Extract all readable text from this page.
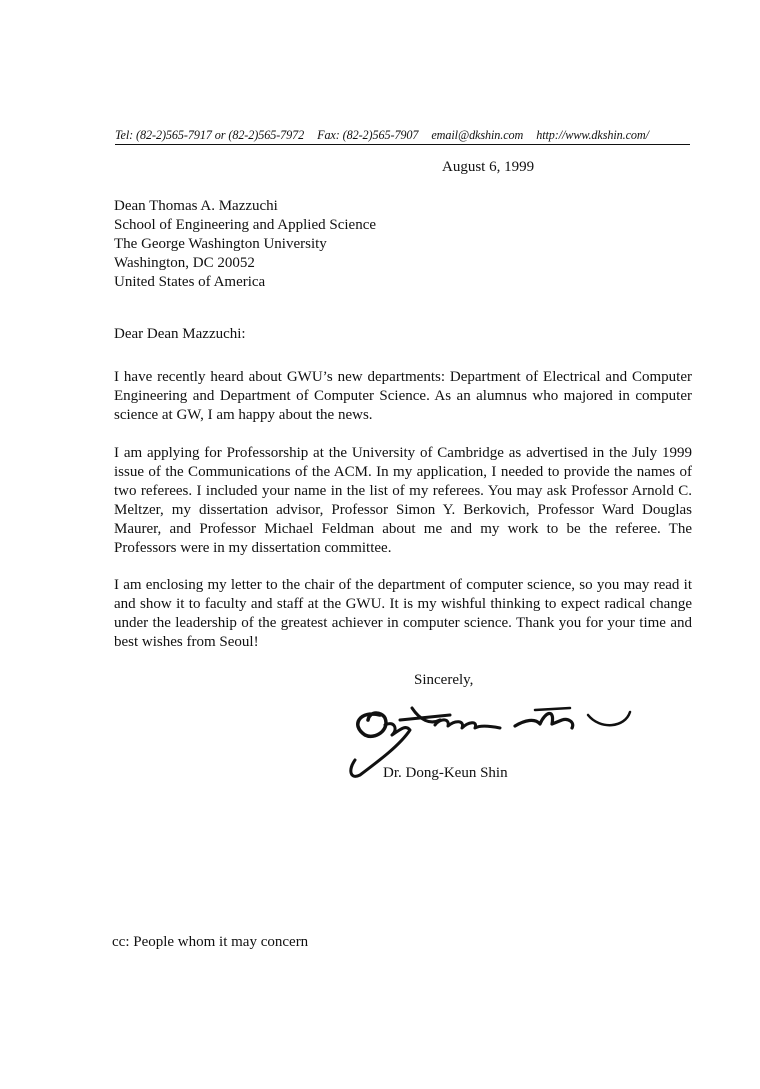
Tel: (82-2)565-7917 or (82-2)565-7972 Fax: (82-2)565-7907 email@dkshin.com http://www.dkshin.com/
August 6, 1999
Dean Thomas A. Mazzuchi
School of Engineering and Applied Science
The George Washington University
Washington, DC 20052
United States of America
Dear Dean Mazzuchi:
I have recently heard about GWU’s new departments: Department of Electrical and Computer Engineering and Department of Computer Science. As an alumnus who majored in computer science at GW, I am happy about the news.
I am applying for Professorship at the University of Cambridge as advertised in the July 1999 issue of the Communications of the ACM. In my application, I needed to provide the names of two referees. I included your name in the list of my referees. You may ask Professor Arnold C. Meltzer, my dissertation advisor, Professor Simon Y. Berkovich, Professor Ward Douglas Maurer, and Professor Michael Feldman about me and my work to be the referee. The Professors were in my dissertation committee.
I am enclosing my letter to the chair of the department of computer science, so you may read it and show it to faculty and staff at the GWU. It is my wishful thinking to expect radical change under the leadership of the greatest achiever in computer science. Thank you for your time and best wishes from Seoul!
Sincerely,
Dr. Dong-Keun Shin
cc: People whom it may concern
